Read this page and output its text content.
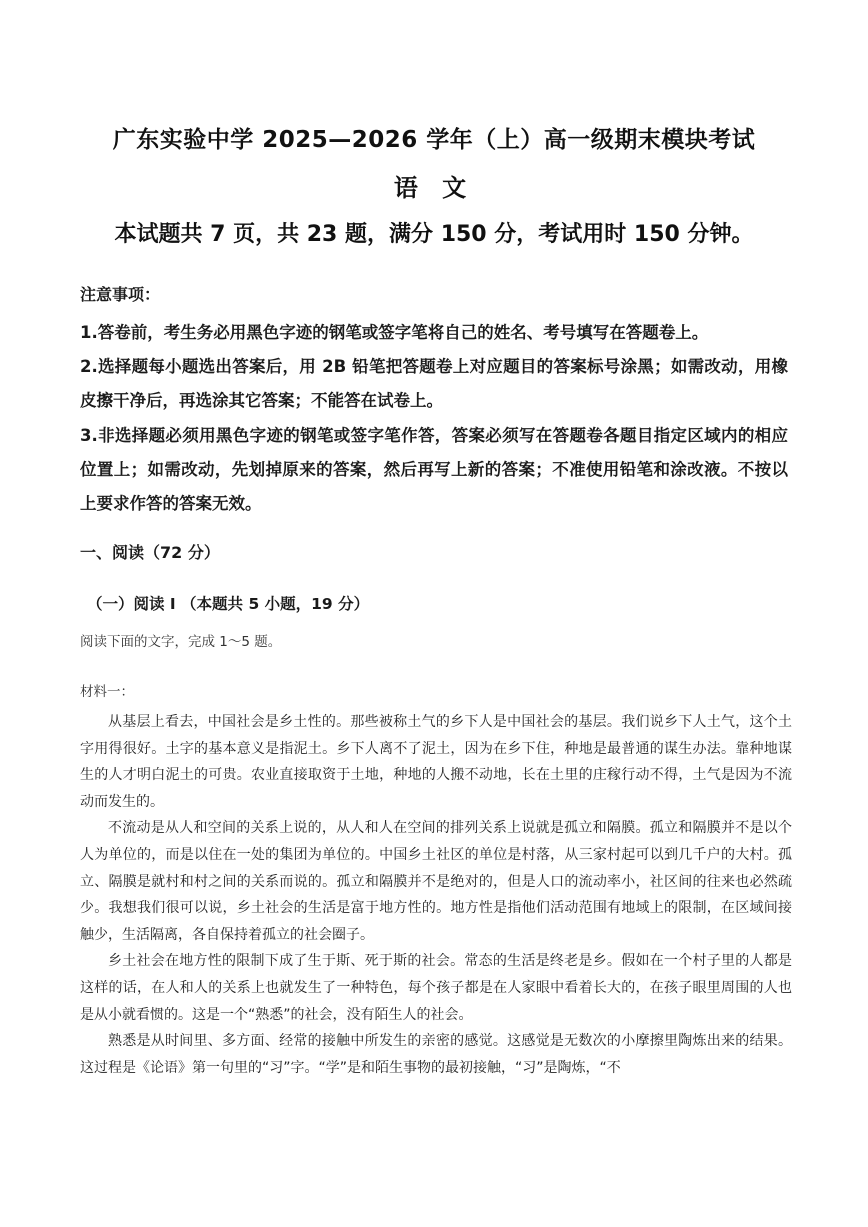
广东实验中学 2025—2026 学年（上）高一级期末模块考试
语 文
本试题共 7 页，共 23 题，满分 150 分，考试用时 150 分钟。
注意事项：

1.答卷前，考生务必用黑色字迹的钢笔或签字笔将自己的姓名、考号填写在答题卷上。

2.选择题每小题选出答案后，用 2B 铅笔把答题卷上对应题目的答案标号涂黑；如需改动，用橡皮擦干净后，再选涂其它答案；不能答在试卷上。

3.非选择题必须用黑色字迹的钢笔或签字笔作答，答案必须写在答题卷各题目指定区域内的相应位置上；如需改动，先划掉原来的答案，然后再写上新的答案；不准使用铅笔和涂改液。不按以上要求作答的答案无效。

一、阅读（72 分）
（一）阅读 I （本题共 5 小题，19 分）
阅读下面的文字，完成 1～5 题。
材料一：

从基层上看去，中国社会是乡土性的。那些被称土气的乡下人是中国社会的基层。我们说乡下人土气，这个土字用得很好。土字的基本意义是指泥土。乡下人离不了泥土，因为在乡下住，种地是最普通的谋生办法。靠种地谋生的人才明白泥土的可贵。农业直接取资于土地，种地的人搬不动地，长在土里的庄稼行动不得，土气是因为不流动而发生的。

不流动是从人和空间的关系上说的，从人和人在空间的排列关系上说就是孤立和隔膜。孤立和隔膜并不是以个人为单位的，而是以住在一处的集团为单位的。中国乡土社区的单位是村落，从三家村起可以到几千户的大村。孤立、隔膜是就村和村之间的关系而说的。孤立和隔膜并不是绝对的，但是人口的流动率小，社区间的往来也必然疏少。我想我们很可以说，乡土社会的生活是富于地方性的。地方性是指他们活动范围有地域上的限制，在区域间接触少，生活隔离，各自保持着孤立的社会圈子。

乡土社会在地方性的限制下成了生于斯、死于斯的社会。常态的生活是终老是乡。假如在一个村子里的人都是这样的话，在人和人的关系上也就发生了一种特色，每个孩子都是在人家眼中看着长大的，在孩子眼里周围的人也是从小就看惯的。这是一个“熟悉”的社会，没有陌生人的社会。

熟悉是从时间里、多方面、经常的接触中所发生的亲密的感觉。这感觉是无数次的小摩擦里陶炼出来的结果。这过程是《论语》第一句里的“习”字。“学”是和陌生事物的最初接触，“习”是陶炼，“不
